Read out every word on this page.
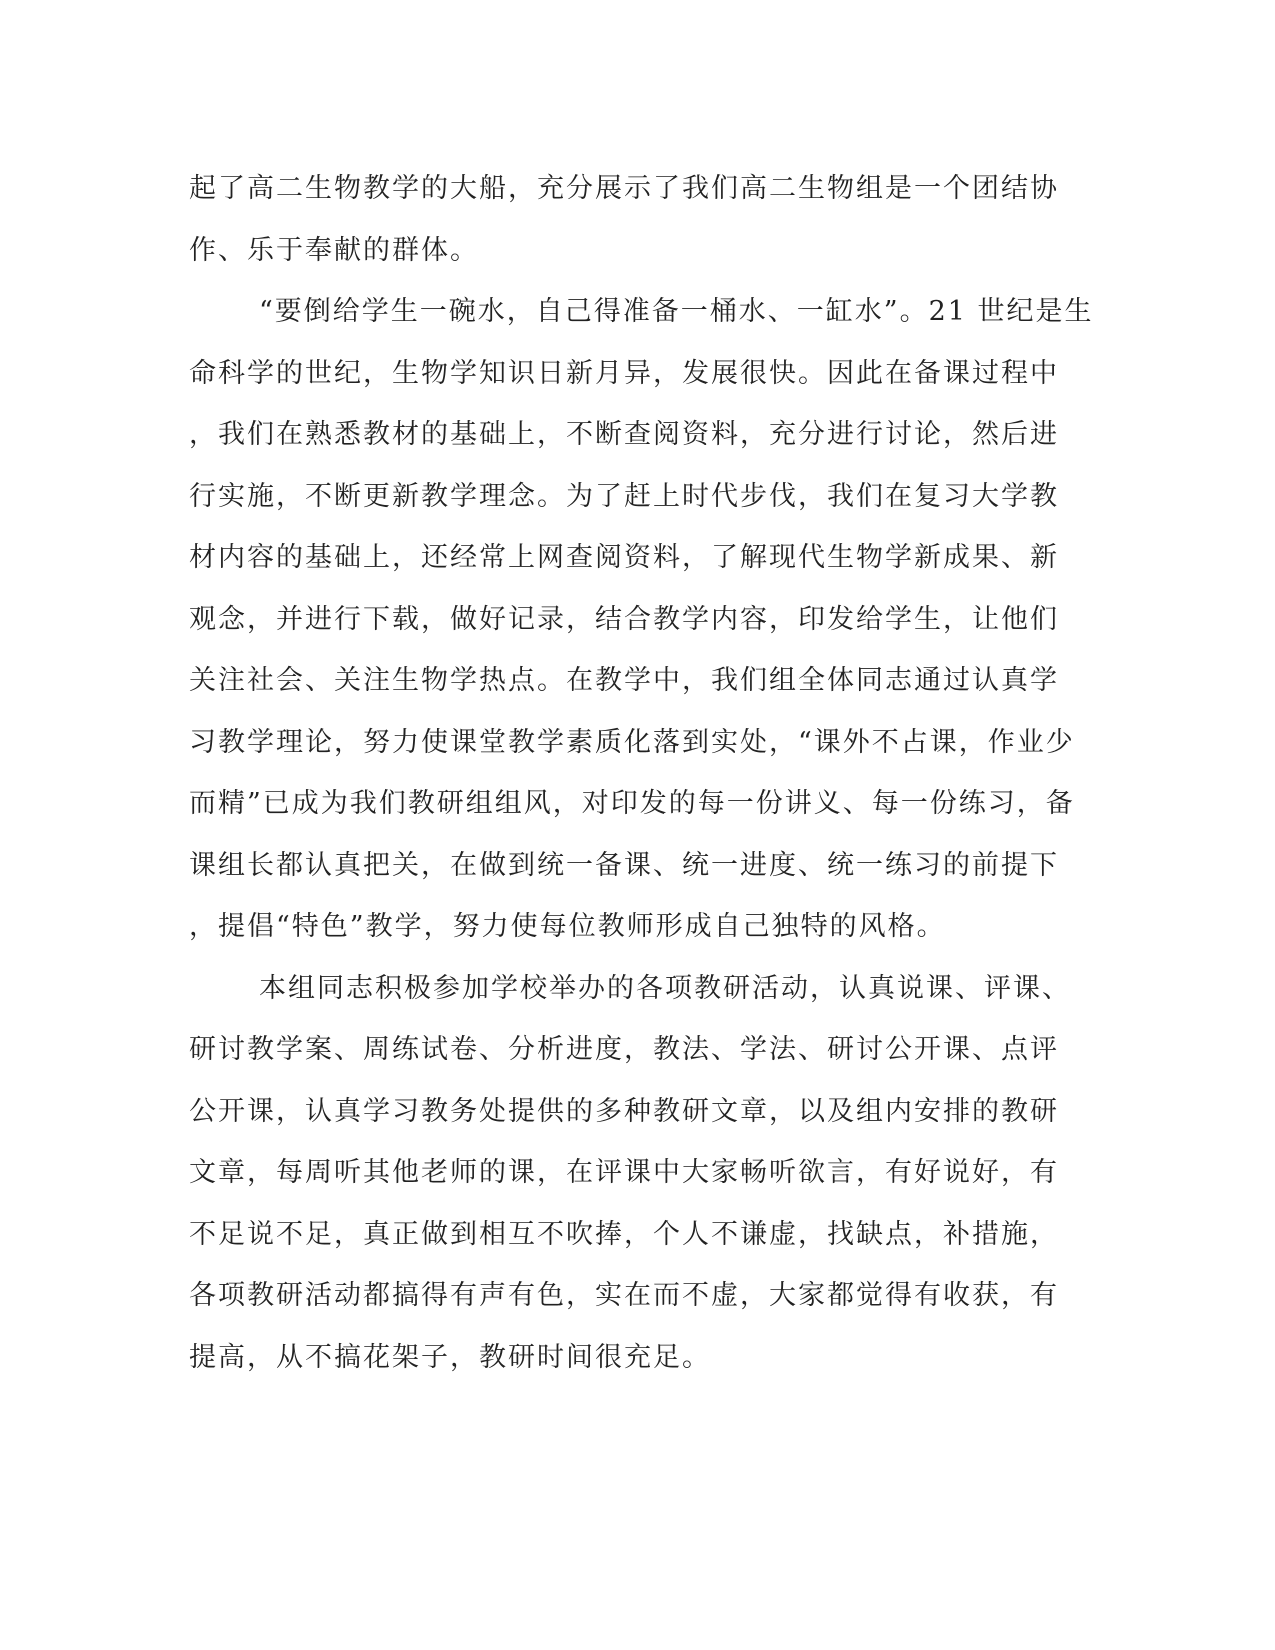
起了高二生物教学的大船，充分展示了我们高二生物组是一个团结协
作、乐于奉献的群体。
“要倒给学生一碗水，自己得准备一桶水、一缸水”。21 世纪是生
命科学的世纪，生物学知识日新月异，发展很快。因此在备课过程中
，我们在熟悉教材的基础上，不断查阅资料，充分进行讨论，然后进
行实施，不断更新教学理念。为了赶上时代步伐，我们在复习大学教
材内容的基础上，还经常上网查阅资料，了解现代生物学新成果、新
观念，并进行下载，做好记录，结合教学内容，印发给学生，让他们
关注社会、关注生物学热点。在教学中，我们组全体同志通过认真学
习教学理论，努力使课堂教学素质化落到实处，“课外不占课，作业少
而精”已成为我们教研组组风，对印发的每一份讲义、每一份练习，备
课组长都认真把关，在做到统一备课、统一进度、统一练习的前提下
，提倡“特色”教学，努力使每位教师形成自己独特的风格。
本组同志积极参加学校举办的各项教研活动，认真说课、评课、
研讨教学案、周练试卷、分析进度，教法、学法、研讨公开课、点评
公开课，认真学习教务处提供的多种教研文章，以及组内安排的教研
文章，每周听其他老师的课，在评课中大家畅听欲言，有好说好，有
不足说不足，真正做到相互不吹捧，个人不谦虚，找缺点，补措施，
各项教研活动都搞得有声有色，实在而不虚，大家都觉得有收获，有
提高，从不搞花架子，教研时间很充足。
